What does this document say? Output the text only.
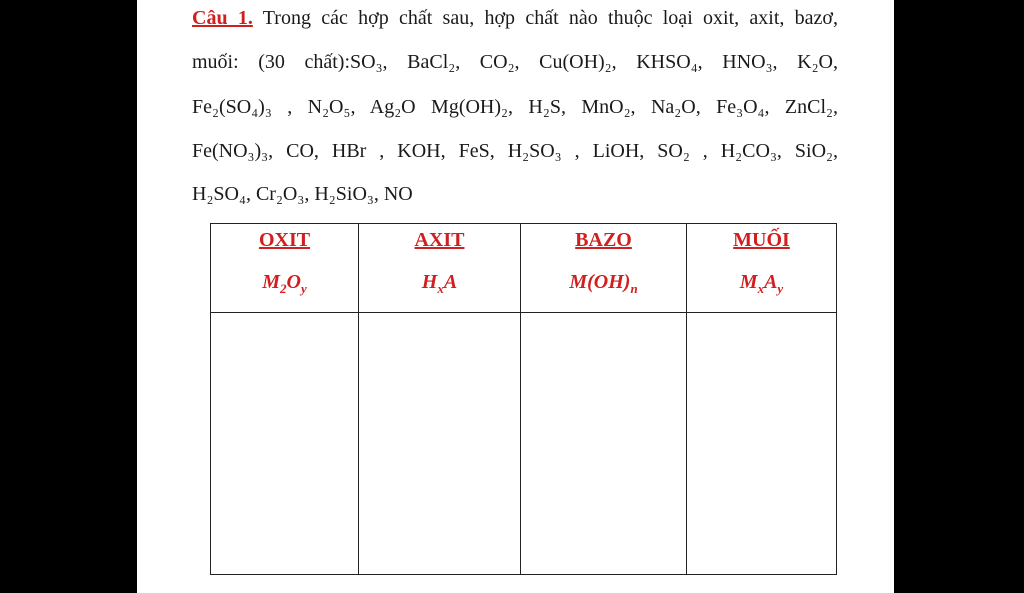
Câu 1. Trong các hợp chất sau, hợp chất nào thuộc loại oxit, axit, bazơ,
muối: (30 chất):SO₃, BaCl₂, CO₂, Cu(OH)₂, KHSO₄, HNO₃, K₂O,
Fe₂(SO₄)₃ , N₂O₅, Ag₂O Mg(OH)₂, H₂S, MnO₂, Na₂O, Fe₃O₄, ZnCl₂,
Fe(NO₃)₃, CO, HBr , KOH, FeS, H₂SO₃ , LiOH, SO₂ , H₂CO₃, SiO₂,
H₂SO₄, Cr₂O₃, H₂SiO₃, NO
OXIT
$M_2O_y$
AXIT
$H_xA$
BAZO
$M(OH)_n$
MUỐI
$M_xA_y$
